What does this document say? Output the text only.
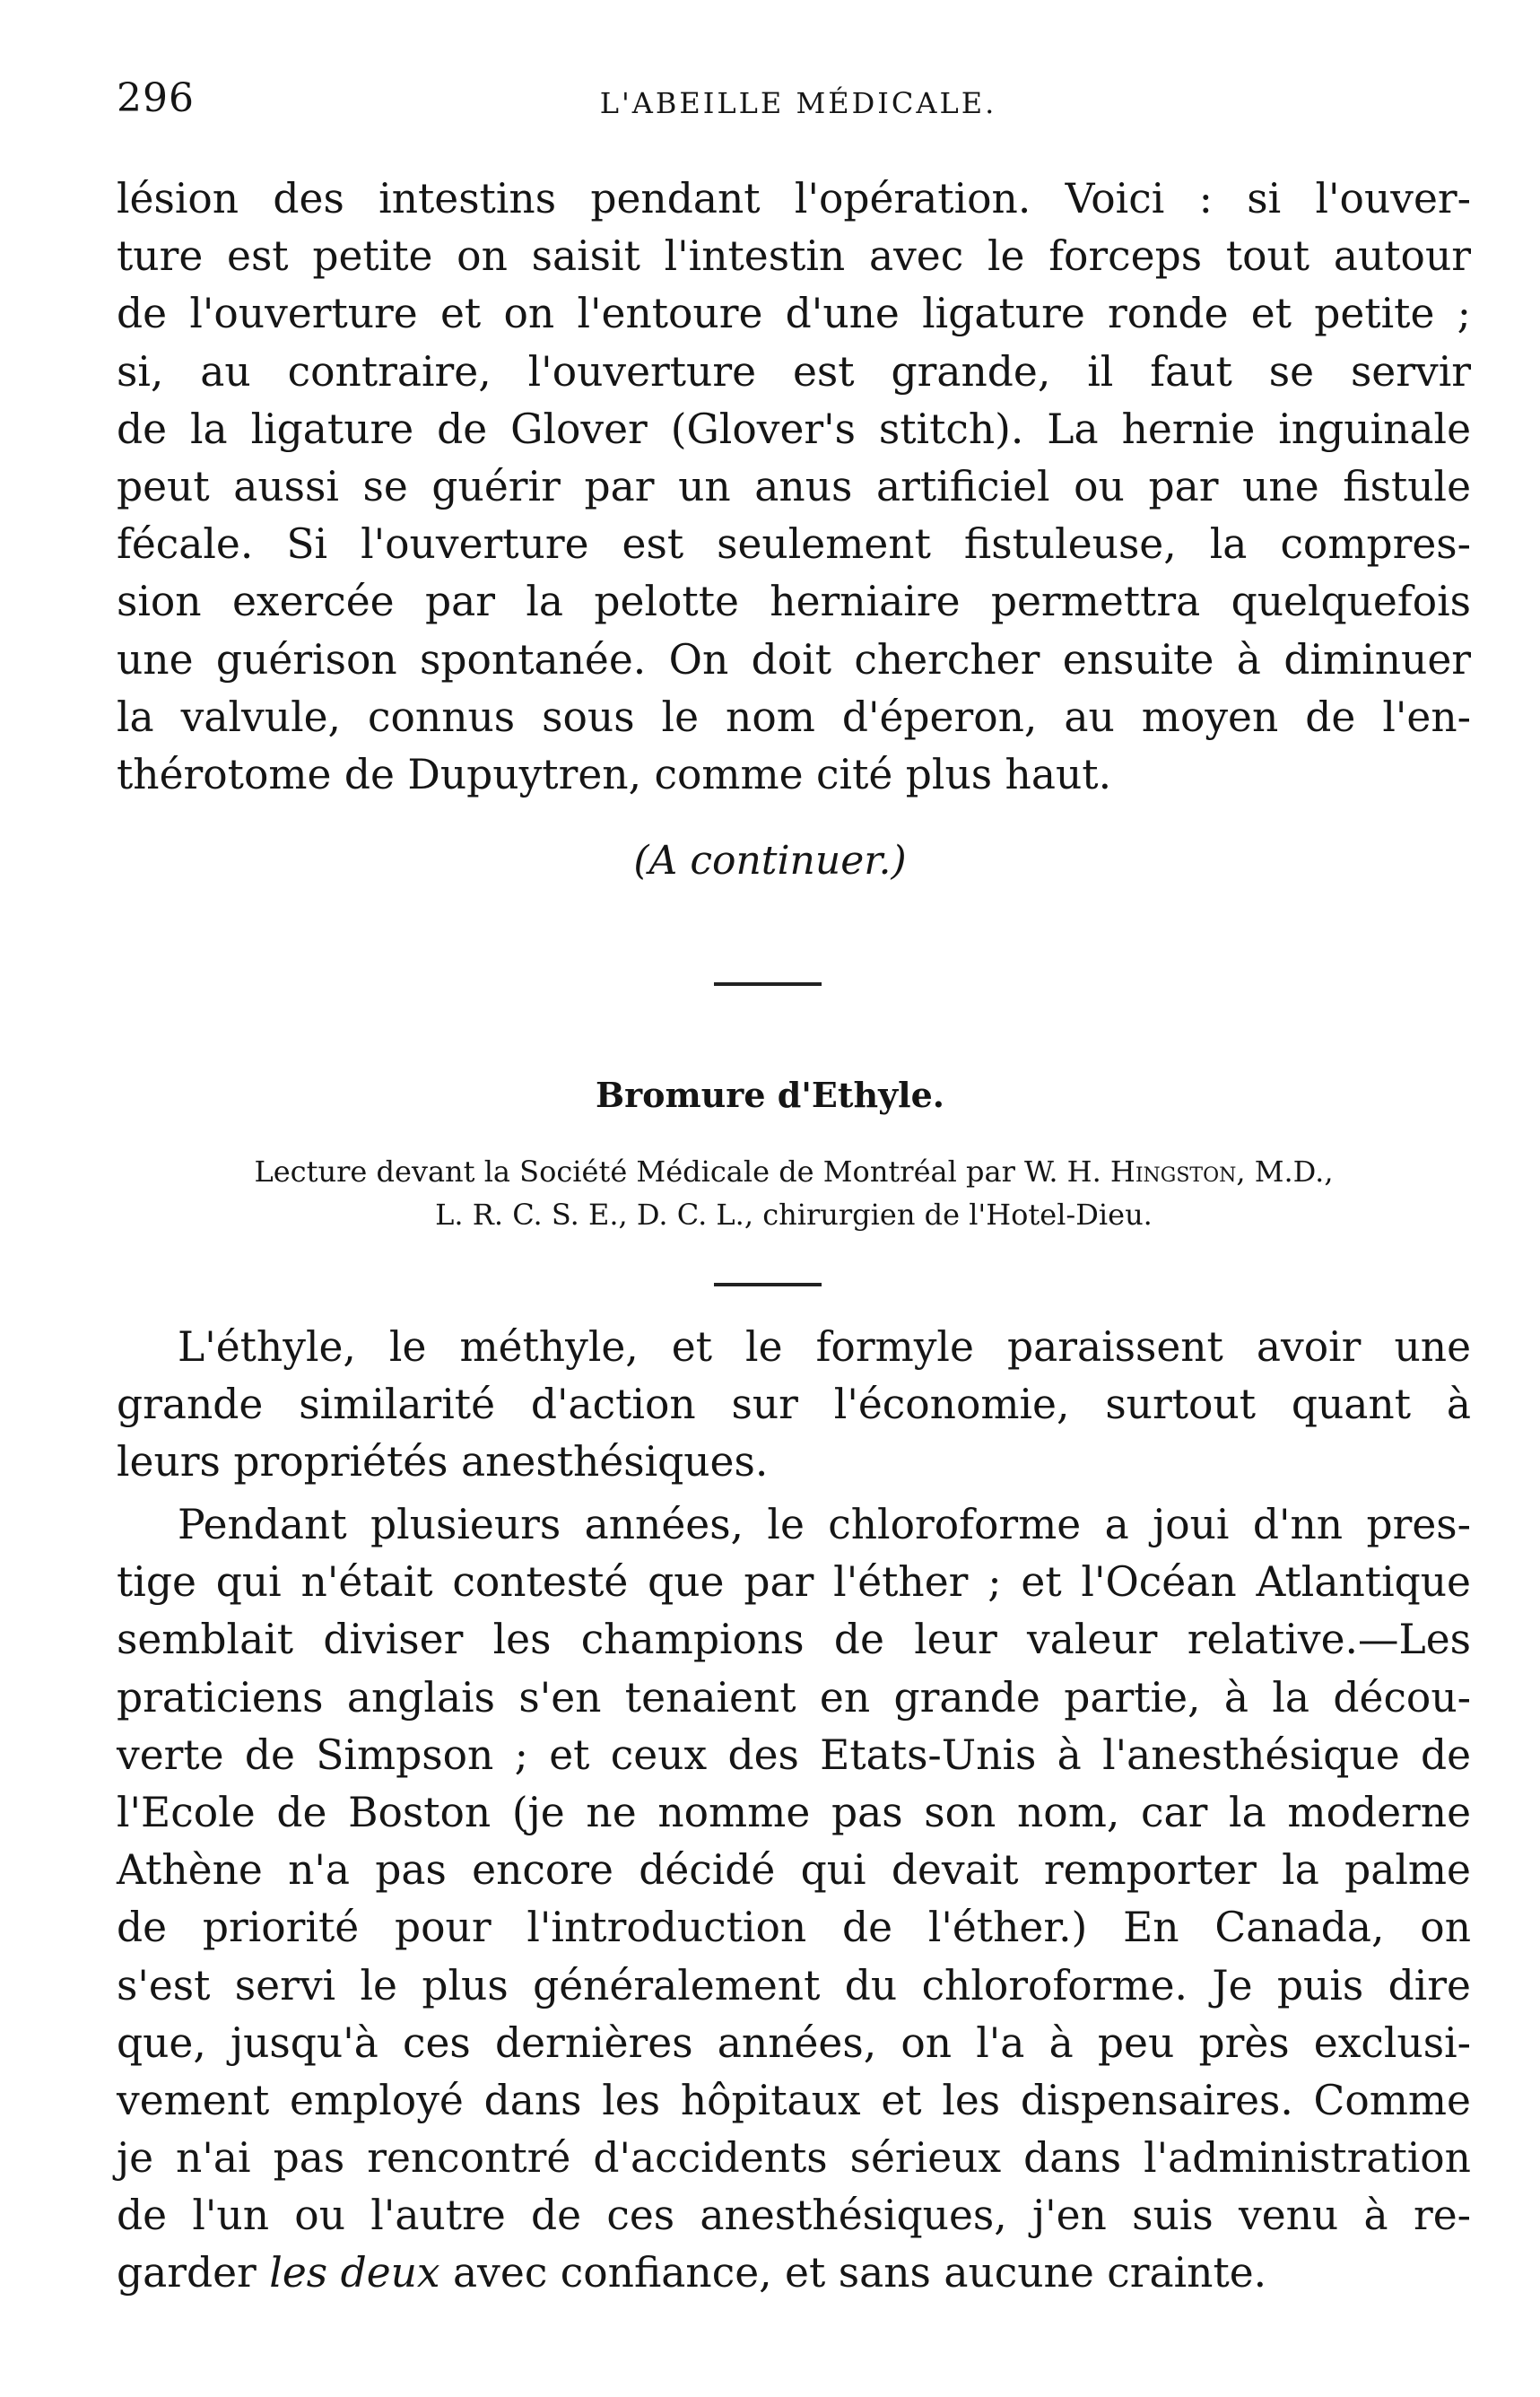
296	L'ABEILLE MÉDICALE.
lésion des intestins pendant l'opération. Voici : si l'ouver-
ture est petite on saisit l'intestin avec le forceps tout autour
de l'ouverture et on l'entoure d'une ligature ronde et petite ;
si, au contraire, l'ouverture est grande, il faut se servir
de la ligature de Glover (Glover's stitch). La hernie inguinale
peut aussi se guérir par un anus artificiel ou par une fistule
fécale. Si l'ouverture est seulement fistuleuse, la compres-
sion exercée par la pelotte herniaire permettra quelquefois
une guérison spontanée. On doit chercher ensuite à diminuer
la valvule, connus sous le nom d'éperon, au moyen de l'en-
thérotome de Dupuytren, comme cité plus haut.
(A continuer.)
Bromure d'Ethyle.
Lecture devant la Société Médicale de Montréal par W. H. Hingston, M.D.,
L. R. C. S. E., D. C. L., chirurgien de l'Hotel-Dieu.
L'éthyle, le méthyle, et le formyle paraissent avoir une
grande similarité d'action sur l'économie, surtout quant à
leurs propriétés anesthésiques.
Pendant plusieurs années, le chloroforme a joui d'nn pres-
tige qui n'était contesté que par l'éther ; et l'Océan Atlantique
semblait diviser les champions de leur valeur relative.—Les
praticiens anglais s'en tenaient en grande partie, à la décou-
verte de Simpson ; et ceux des Etats-Unis à l'anesthésique de
l'Ecole de Boston (je ne nomme pas son nom, car la moderne
Athène n'a pas encore décidé qui devait remporter la palme
de priorité pour l'introduction de l'éther.) En Canada, on
s'est servi le plus généralement du chloroforme. Je puis dire
que, jusqu'à ces dernières années, on l'a à peu près exclusi-
vement employé dans les hôpitaux et les dispensaires. Comme
je n'ai pas rencontré d'accidents sérieux dans l'administration
de l'un ou l'autre de ces anesthésiques, j'en suis venu à re-
garder les deux avec confiance, et sans aucune crainte.
